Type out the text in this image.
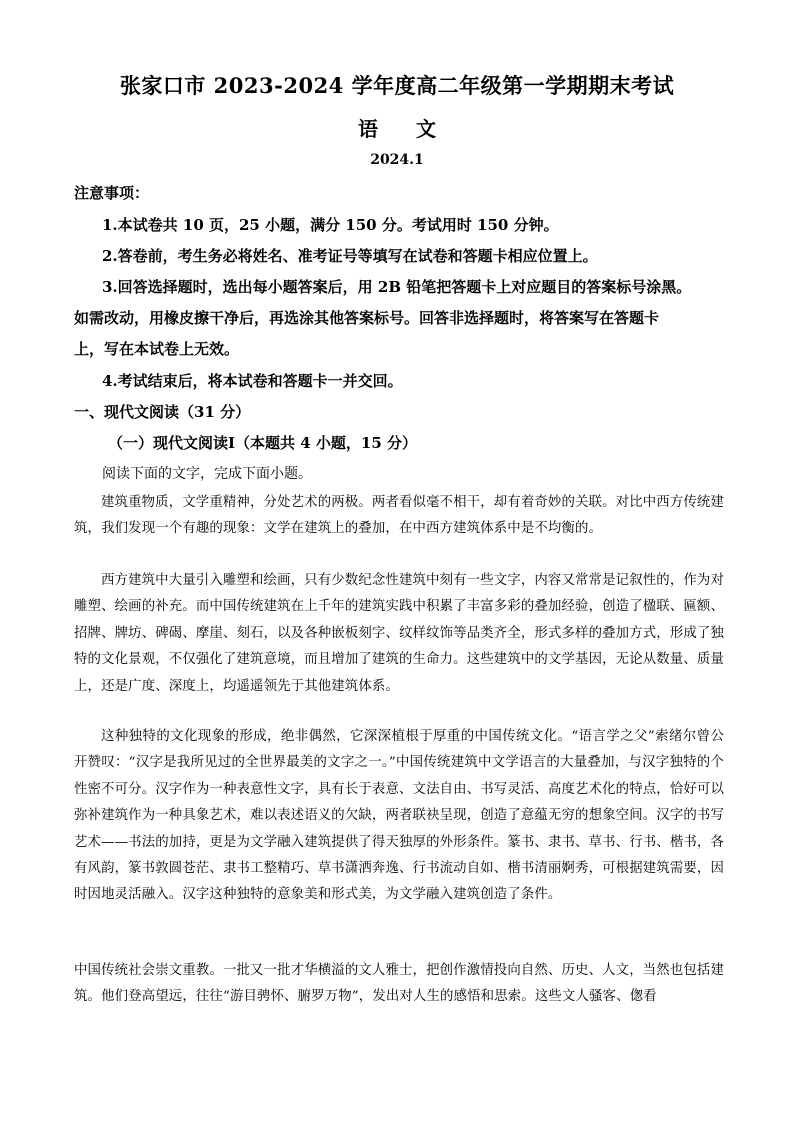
张家口市 2023-2024 学年度高二年级第一学期期末考试
语文
2024.1
注意事项：
1.本试卷共 10 页，25 小题，满分 150 分。考试用时 150 分钟。
2.答卷前，考生务必将姓名、准考证号等填写在试卷和答题卡相应位置上。
3.回答选择题时，选出每小题答案后，用 2B 铅笔把答题卡上对应题目的答案标号涂黑。
如需改动，用橡皮擦干净后，再选涂其他答案标号。回答非选择题时，将答案写在答题卡
上，写在本试卷上无效。
4.考试结束后，将本试卷和答题卡一并交回。
一、现代文阅读（31 分）
（一）现代文阅读Ⅰ（本题共 4 小题，15 分）
阅读下面的文字，完成下面小题。
建筑重物质，文学重精神，分处艺术的两极。两者看似毫不相干，却有着奇妙的关联。对比中西方传统建筑，我们发现一个有趣的现象：文学在建筑上的叠加，在中西方建筑体系中是不均衡的。
西方建筑中大量引入雕塑和绘画，只有少数纪念性建筑中刻有一些文字，内容又常常是记叙性的，作为对雕塑、绘画的补充。而中国传统建筑在上千年的建筑实践中积累了丰富多彩的叠加经验，创造了楹联、匾额、招牌、牌坊、碑碣、摩崖、刻石，以及各种嵌板刻字、纹样纹饰等品类齐全，形式多样的叠加方式，形成了独特的文化景观，不仅强化了建筑意境，而且增加了建筑的生命力。这些建筑中的文学基因，无论从数量、质量上，还是广度、深度上，均遥遥领先于其他建筑体系。
这种独特的文化现象的形成，绝非偶然，它深深植根于厚重的中国传统文化。“语言学之父”索绪尔曾公开赞叹：“汉字是我所见过的全世界最美的文字之一。”中国传统建筑中文学语言的大量叠加，与汉字独特的个性密不可分。汉字作为一种表意性文字，具有长于表意、文法自由、书写灵活、高度艺术化的特点，恰好可以弥补建筑作为一种具象艺术，难以表述语义的欠缺，两者联袂呈现，创造了意蕴无穷的想象空间。汉字的书写艺术——书法的加持，更是为文学融入建筑提供了得天独厚的外形条件。篆书、隶书、草书、行书、楷书，各有风韵，篆书敦圆苍茫、隶书工整精巧、草书潇洒奔逸、行书流动自如、楷书清丽婀秀，可根据建筑需要，因时因地灵活融入。汉字这种独特的意象美和形式美，为文学融入建筑创造了条件。
中国传统社会崇文重教。一批又一批才华横溢的文人雅士，把创作激情投向自然、历史、人文，当然也包括建筑。他们登高望远，往往“游目骋怀、腑罗万物”，发出对人生的感悟和思索。这些文人骚客、偬看
